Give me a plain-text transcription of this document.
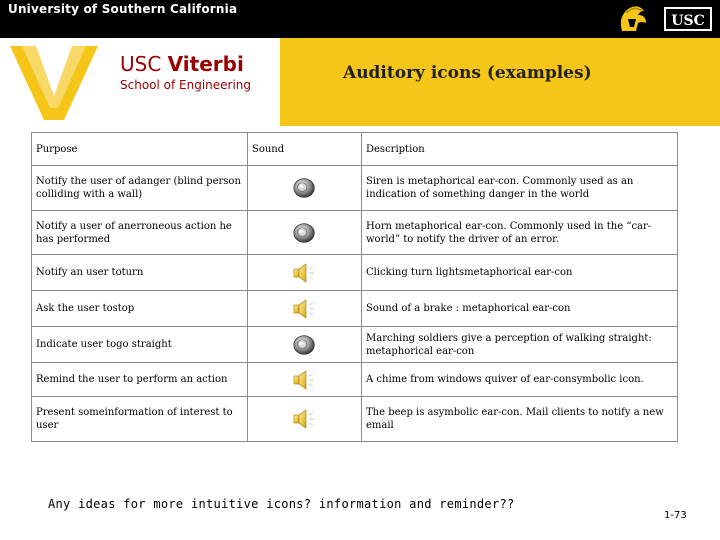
University of Southern California
USC
USC Viterbi
School of Engineering
Auditory icons (examples)
Purpose	Sound	Description
Notify the user of adanger (blind person colliding with a wall)		Siren is metaphorical ear-con. Commonly used as an indication of something danger in the world
Notify a user of anerroneous action he has performed		Horn metaphorical ear-con. Commonly used in the “car-world” to notify the driver of an error.
Notify an user toturn		Clicking turn lightsmetaphorical ear-con
Ask the user tostop		Sound of a brake : metaphorical ear-con
Indicate user togo straight		Marching soldiers give a perception of walking straight: metaphorical ear-con
Remind the user to perform an action		A chime from windows quiver of ear-consymbolic icon.
Present someinformation of interest to user		The beep is asymbolic ear-con. Mail clients to notify a new email
Any ideas for more intuitive icons? information and reminder??
1-73
